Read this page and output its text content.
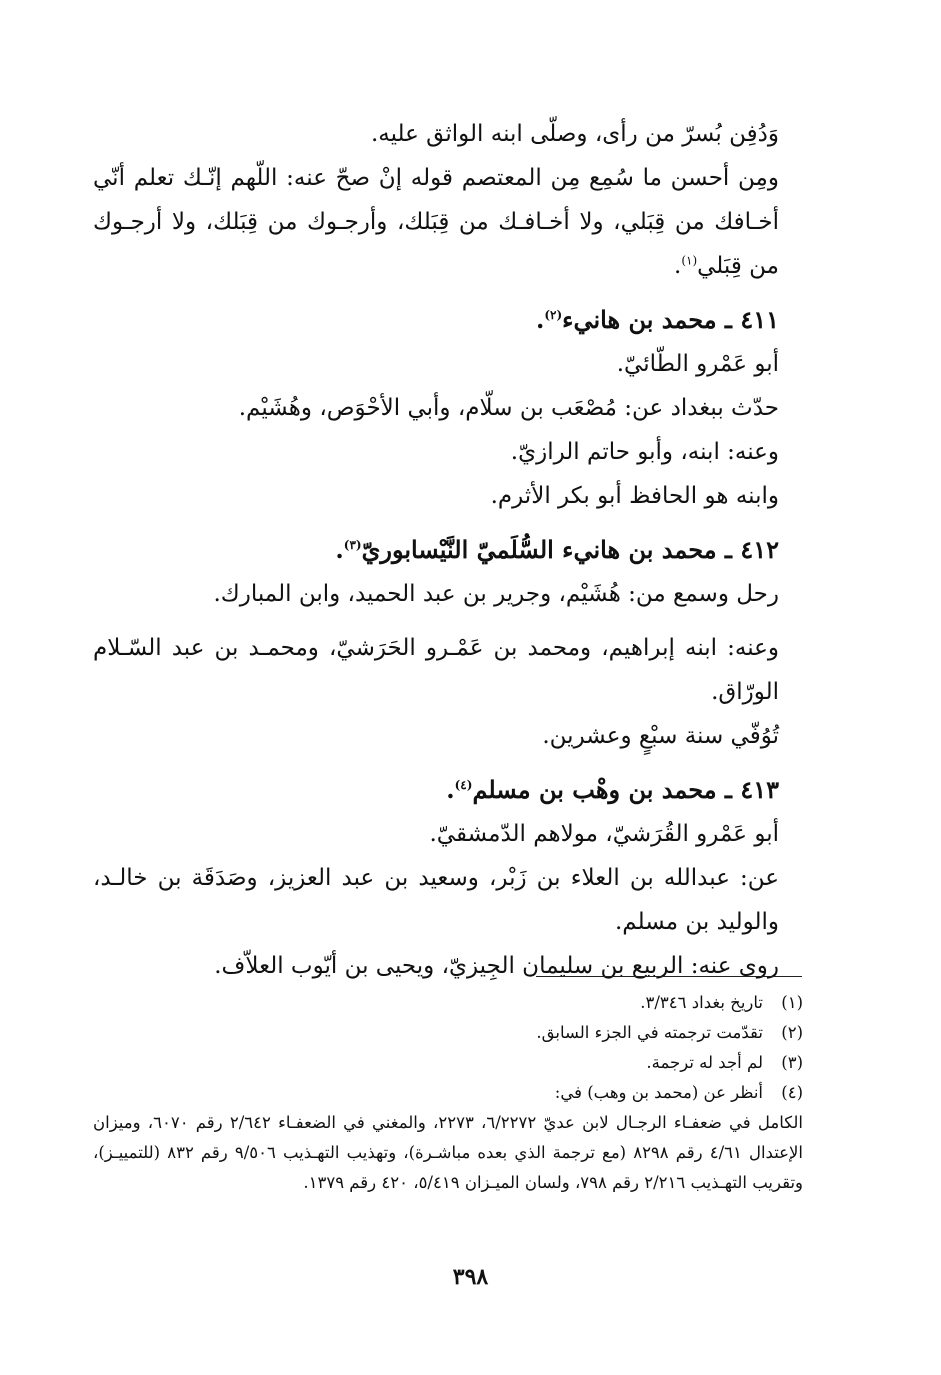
وَدُفِن بُسرّ من رأى، وصلّى ابنه الواثق عليه.

ومِن أحسن ما سُمِع مِن المعتصم قوله إنْ صحّ عنه: اللّهم إنّـك تعلم أنّي أخـافك من قِبَلي، ولا أخـافـك من قِبَلك، وأرجـوك من قِبَلك، ولا أرجـوك من قِبَلي$^{(١)}$.

٤١١ ـ محمد بن هانيء$^{(٢)}$.

أبو عَمْرو الطّائيّ.

حدّث ببغداد عن: مُصْعَب بن سلّام، وأبي الأحْوَص، وهُشَيْم.

وعنه: ابنه، وأبو حاتم الرازيّ.

وابنه هو الحافظ أبو بكر الأثرم.

٤١٢ ـ محمد بن هانيء السُّلَميّ النَّيْسابوريّ$^{(٣)}$.

رحل وسمع من: هُشَيْم، وجرير بن عبد الحميد، وابن المبارك.

وعنه: ابنه إبراهيم، ومحمد بن عَمْـرو الحَرَشيّ، ومحمـد بن عبد السّـلام الورّاق.

تُوُفّي سنة سبْعٍ وعشرين.

٤١٣ ـ محمد بن وهْب بن مسلم$^{(٤)}$.

أبو عَمْرو القُرَشيّ، مولاهم الدّمشقيّ.

عن: عبدالله بن العلاء بن زَبْر، وسعيد بن عبد العزيز، وصَدَقَة بن خالـد، والوليد بن مسلم.

روى عنه: الربيع بن سليمان الجِيزيّ، ويحيى بن أيّوب العلاّف.

(١)تاريخ بغداد ٣/٣٤٦.

(٢)تقدّمت ترجمته في الجزء السابق.

(٣)لم أجد له ترجمة.

(٤)أنظر عن (محمد بن وهب) في:

الكامل في ضعفـاء الرجـال لابن عديّ ٦/٢٢٧٢، ٢٢٧٣، والمغني في الضعفـاء ٢/٦٤٢ رقم ٦٠٧٠، وميزان الإعتدال ٤/٦١ رقم ٨٢٩٨ (مع ترجمة الذي بعده مباشـرة)، وتهذيب التهـذيب ٩/٥٠٦ رقم ٨٣٢ (للتمييـز)، وتقريب التهـذيب ٢/٢١٦ رقم ٧٩٨، ولسان الميـزان ٥/٤١٩، ٤٢٠ رقم ١٣٧٩.

٣٩٨
